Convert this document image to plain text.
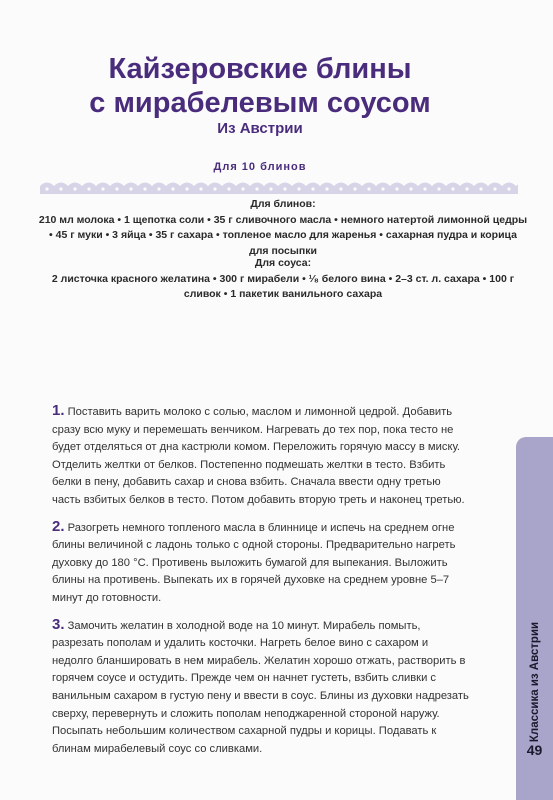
Кайзеровские блины
с мирабелевым соусом
Из Австрии
Для 10 блинов
Для блинов:
210 мл молока • 1 щепотка соли • 35 г сливочного масла • немного натертой лимонной цедры • 45 г муки • 3 яйца • 35 г сахара • топленое масло для жаренья • сахарная пудра и корица для посыпки
Для соуса:
2 листочка красного желатина • 300 г мирабели • ¹⁄₈ белого вина • 2–3 ст. л. сахара • 100 г сливок • 1 пакетик ванильного сахара

1. Поставить варить молоко с солью, маслом и лимонной цедрой. Добавить сразу всю муку и перемешать венчиком. Нагревать до тех пор, пока тесто не будет отделяться от дна кастрюли комом. Переложить горячую массу в миску. Отделить желтки от белков. Постепенно подмешать желтки в тесто. Взбить белки в пену, добавить сахар и снова взбить. Сначала ввести одну третью часть взбитых белков в тесто. Потом добавить вторую треть и наконец третью.

2. Разогреть немного топленого масла в блиннице и испечь на среднем огне блины величиной с ладонь только с одной стороны. Предварительно нагреть духовку до 180 °С. Противень выложить бумагой для выпекания. Выложить блины на противень. Выпекать их в горячей духовке на среднем уровне 5–7 минут до готовности.

3. Замочить желатин в холодной воде на 10 минут. Мирабель помыть, разрезать пополам и удалить косточки. Нагреть белое вино с сахаром и недолго бланшировать в нем мирабель. Желатин хорошо отжать, растворить в горячем соусе и остудить. Прежде чем он начнет густеть, взбить сливки с ванильным сахаром в густую пену и ввести в соус. Блины из духовки надрезать сверху, перевернуть и сложить пополам неподжаренной стороной наружу. Посыпать небольшим количеством сахарной пудры и корицы. Подавать к блинам мирабелевый соус со сливками.

Классика из Австрии
49
